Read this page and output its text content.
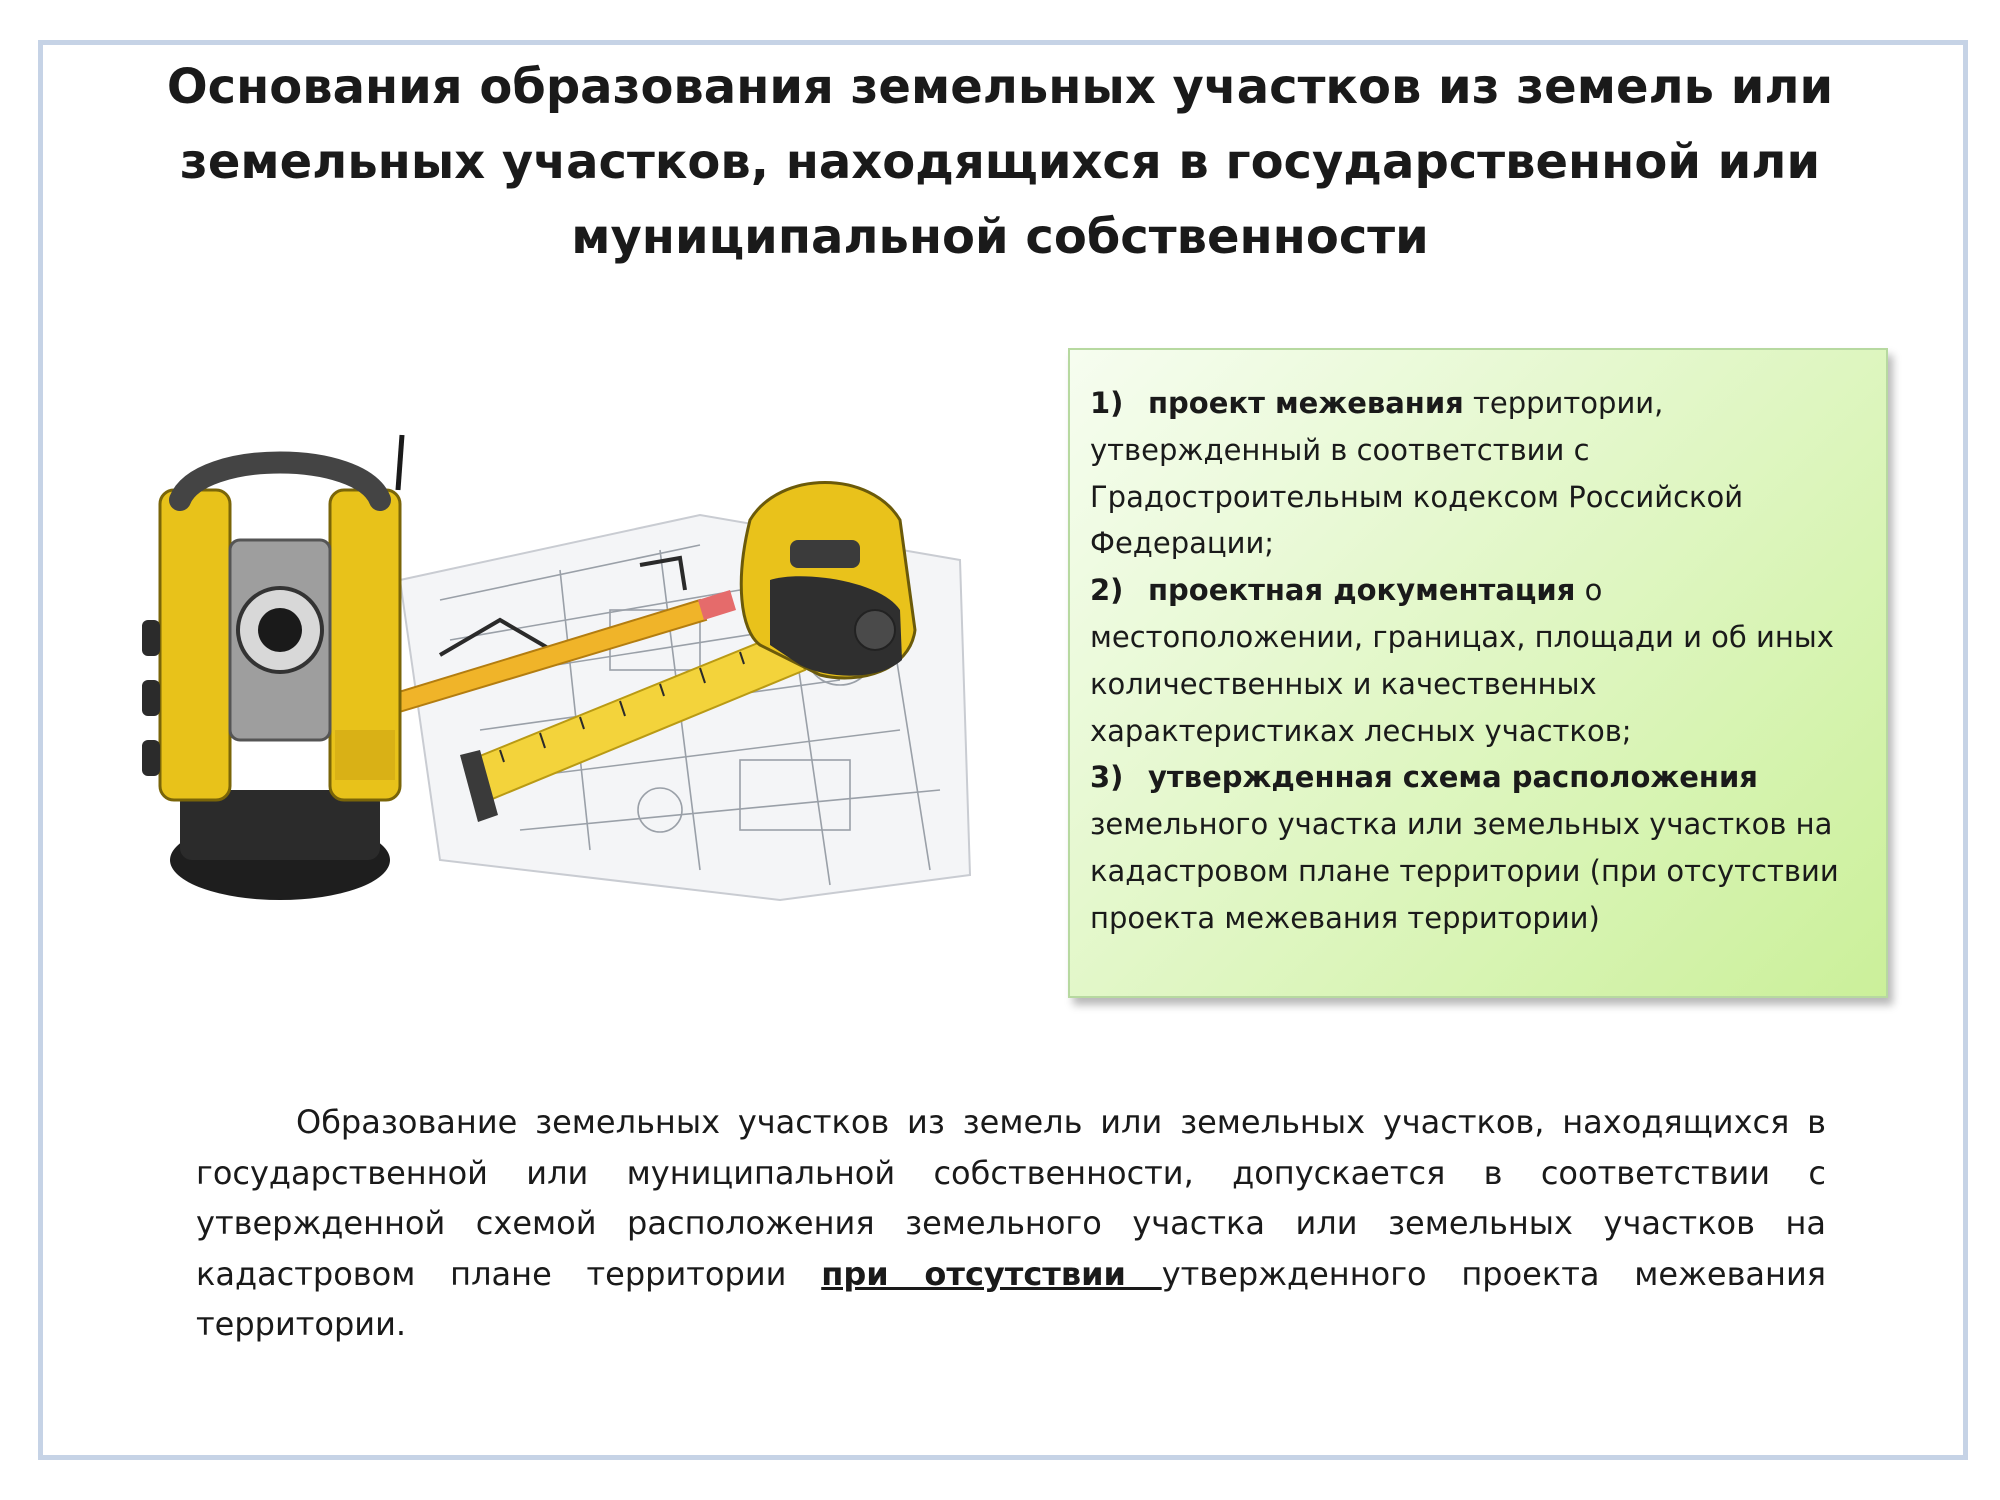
Основания образования земельных участков из земель или земельных участков, находящихся в государственной или муниципальной собственности

1) проект межевания территории, утвержденный в соответствии с Градостроительным кодексом Российской Федерации;

2) проектная документация о местоположении, границах, площади и об иных количественных и качественных характеристиках лесных участков;

3) утвержденная схема расположения земельного участка или земельных участков на кадастровом плане территории (при отсутствии проекта межевания территории)

Образование земельных участков из земель или земельных участков, находящихся в государственной или муниципальной собственности, допускается в соответствии с утвержденной схемой расположения земельного участка или земельных участков на кадастровом плане территории при отсутствии утвержденного проекта межевания территории.
